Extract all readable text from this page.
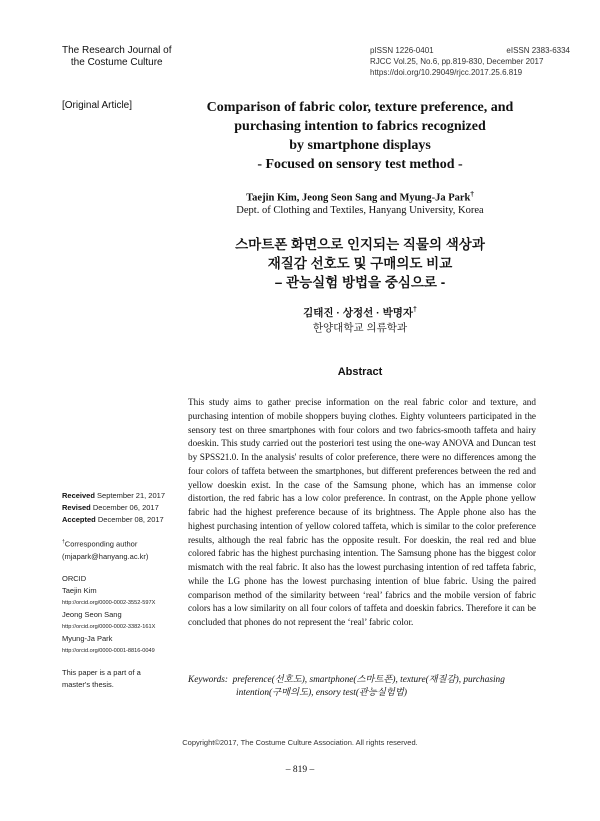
The Research Journal of
the Costume Culture
pISSN 1226-0401	eISSN 2383-6334
RJCC Vol.25, No.6, pp.819-830, December 2017
https://doi.org/10.29049/rjcc.2017.25.6.819
[Original Article]	Comparison of fabric color, texture preference, and
purchasing intention to fabrics recognized
by smartphone displays
- Focused on sensory test method -
Taejin Kim, Jeong Seon Sang and Myung-Ja Park†
Dept. of Clothing and Textiles, Hanyang University, Korea
스마트폰 화면으로 인지되는 직물의 색상과
재질감 선호도 및 구매의도 비교
– 관능실험 방법을 중심으로 -
김태진 · 상정선 · 박명자†
한양대학교 의류학과
Abstract
This study aims to gather precise information on the real fabric color and texture, and purchasing intention of mobile shoppers buying clothes. Eighty volunteers participated in the sensory test on three smartphones with four colors and two fabrics-smooth taffeta and hairy doeskin. This study carried out the posteriori test using the one-way ANOVA and Duncan test by SPSS21.0. In the analysis' results of color preference, there were no differences among the four colors of taffeta between the smartphones, but different preferences between the red and yellow doeskin exist. In the case of the Samsung phone, which has an immense color distortion, the red fabric has a low color preference. In contrast, on the Apple phone yellow fabric had the highest preference because of its brightness. The Apple phone also has the highest purchasing intention of yellow colored taffeta, which is similar to the color preference results, although the real fabric has the opposite result. For doeskin, the real red and blue colored fabric has the highest purchasing intention. The Samsung phone has the biggest color mismatch with the real fabric. It also has the lowest purchasing intention of red taffeta fabric, while the LG phone has the lowest purchasing intention of blue fabric. Using the paired comparison method of the similarity between ‘real’ fabrics and the mobile version of fabric colors has a low similarity on all four colors of taffeta and doeskin fabrics. Therefore it can be concluded that phones do not represent the ‘real’ fabric color.
Keywords: preference(선호도), smartphone(스마트폰), texture(재질감), purchasing
intention(구매의도), ensory test(관능실험법)
Received September 21, 2017
Revised December 06, 2017
Accepted December 08, 2017
†Corresponding author
(mjapark@hanyang.ac.kr)
ORCID
Taejin Kim
http://orcid.org/0000-0002-3552-597X
Jeong Seon Sang
http://orcid.org/0000-0002-3382-161X
Myung-Ja Park
http://orcid.org/0000-0001-8816-0049
This paper is a part of a
master's thesis.
Copyright©2017, The Costume Culture Association. All rights reserved.
– 819 –
